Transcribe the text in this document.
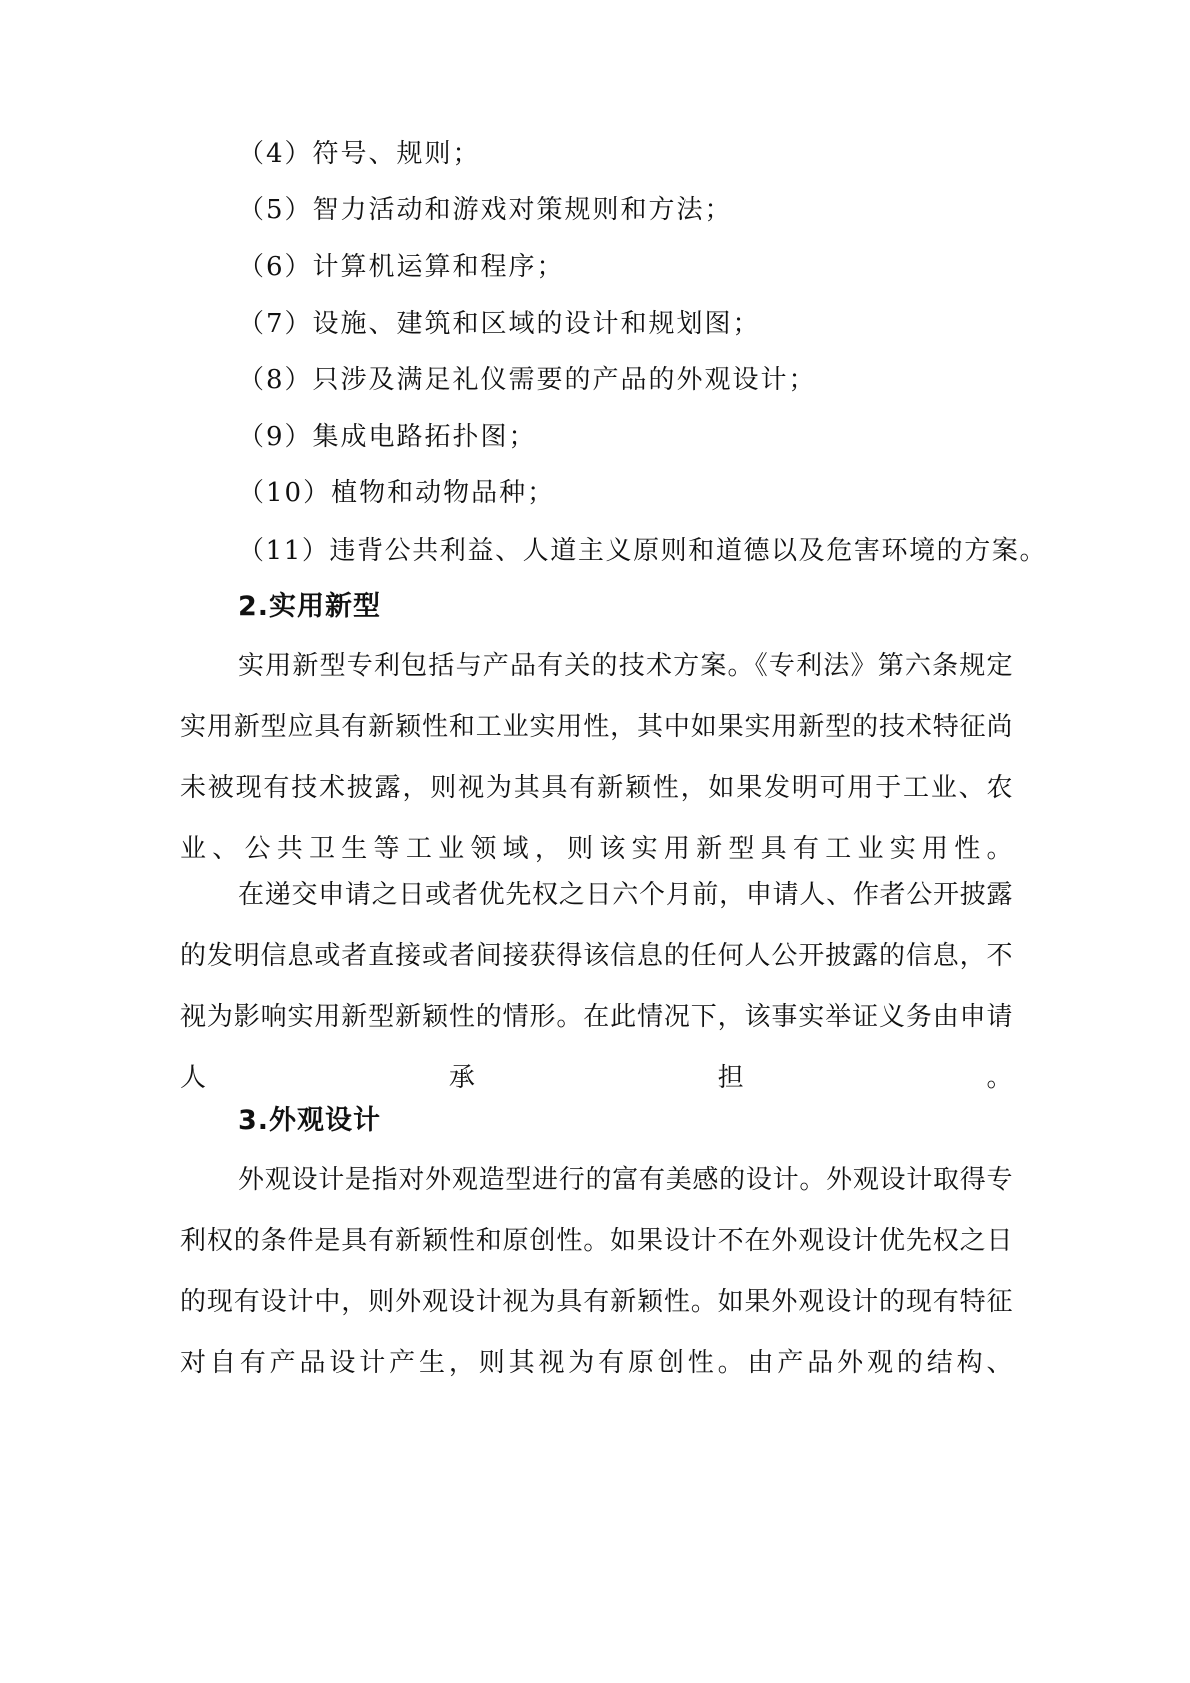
（4）符号、规则；
（5）智力活动和游戏对策规则和方法；
（6）计算机运算和程序；
（7）设施、建筑和区域的设计和规划图；
（8）只涉及满足礼仪需要的产品的外观设计；
（9）集成电路拓扑图；
（10）植物和动物品种；
（11）违背公共利益、人道主义原则和道德以及危害环境的方案。
2.实用新型

实用新型专利包括与产品有关的技术方案。《专利法》第六条规定实用新型应具有新颖性和工业实用性，其中如果实用新型的技术特征尚未被现有技术披露，则视为其具有新颖性，如果发明可用于工业、农业、公共卫生等工业领域，则该实用新型具有工业实用性。

在递交申请之日或者优先权之日六个月前，申请人、作者公开披露的发明信息或者直接或者间接获得该信息的任何人公开披露的信息，不视为影响实用新型新颖性的情形。在此情况下，该事实举证义务由申请人承担。

3.外观设计

外观设计是指对外观造型进行的富有美感的设计。外观设计取得专利权的条件是具有新颖性和原创性。如果设计不在外观设计优先权之日的现有设计中，则外观设计视为具有新颖性。如果外观设计的现有特征对自有产品设计产生，则其视为有原创性。由产品外观的结构、
